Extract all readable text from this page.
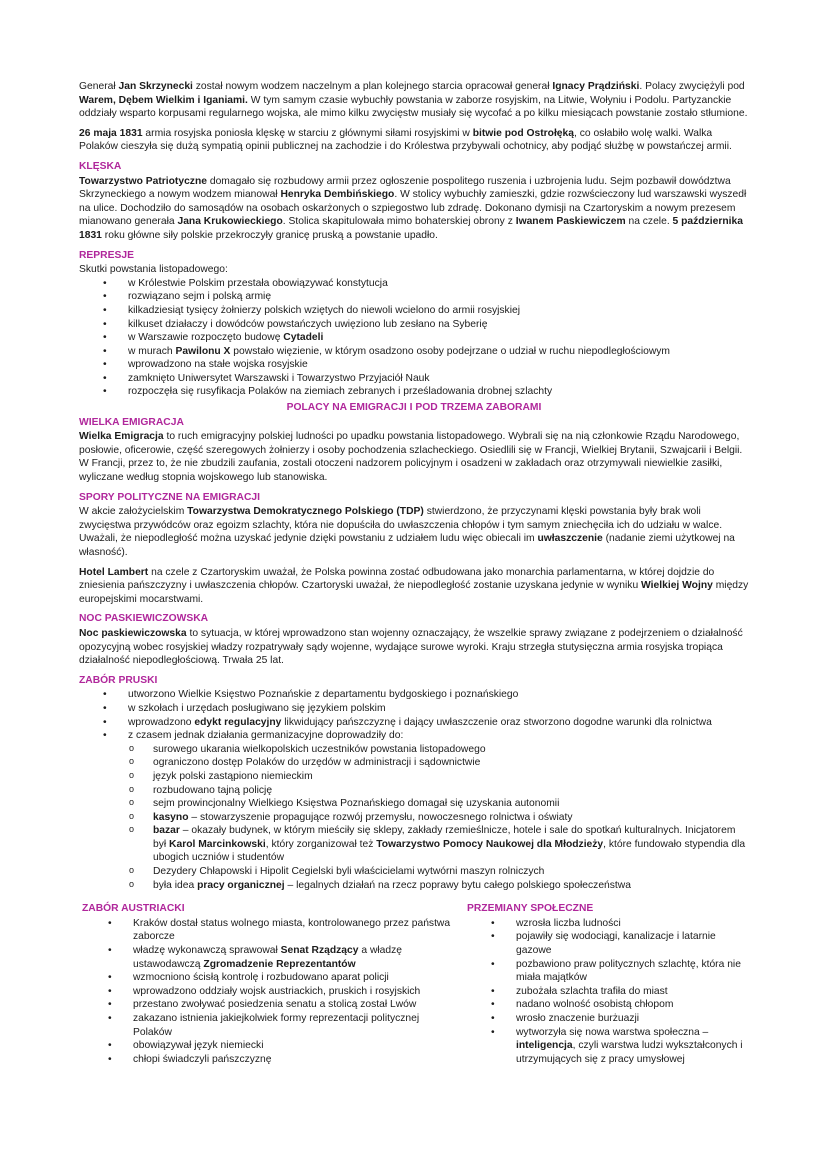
Generał Jan Skrzynecki został nowym wodzem naczelnym a plan kolejnego starcia opracował generał Ignacy Prądziński. Polacy zwyciężyli pod Warem, Dębem Wielkim i Iganiami. W tym samym czasie wybuchły powstania w zaborze rosyjskim, na Litwie, Wołyniu i Podolu. Partyzanckie oddziały wsparto korpusami regularnego wojska, ale mimo kilku zwycięstw musiały się wycofać a po kilku miesiącach powstanie zostało stłumione.

26 maja 1831 armia rosyjska poniosła klęskę w starciu z głównymi siłami rosyjskimi w bitwie pod Ostrołęką, co osłabiło wolę walki. Walka Polaków cieszyła się dużą sympatią opinii publicznej na zachodzie i do Królestwa przybywali ochotnicy, aby podjąć służbę w powstańczej armii.

KLĘSKA

Towarzystwo Patriotyczne domagało się rozbudowy armii przez ogłoszenie pospolitego ruszenia i uzbrojenia ludu. Sejm pozbawił dowództwa Skrzyneckiego a nowym wodzem mianował Henryka Dembińskiego. W stolicy wybuchły zamieszki, gdzie rozwścieczony lud warszawski wyszedł na ulice. Dochodziło do samosądów na osobach oskarżonych o szpiegostwo lub zdradę. Dokonano dymisji na Czartoryskim a nowym prezesem mianowano generała Jana Krukowieckiego. Stolica skapitulowała mimo bohaterskiej obrony z Iwanem Paskiewiczem na czele. 5 października 1831 roku główne siły polskie przekroczyły granicę pruską a powstanie upadło.

REPRESJE
Skutki powstania listopadowego:
• w Królestwie Polskim przestała obowiązywać konstytucja
• rozwiązano sejm i polską armię
• kilkadziesiąt tysięcy żołnierzy polskich wziętych do niewoli wcielono do armii rosyjskiej
• kilkuset działaczy i dowódców powstańczych uwięziono lub zesłano na Syberię
• w Warszawie rozpoczęto budowę Cytadeli
• w murach Pawilonu X powstało więzienie, w którym osadzono osoby podejrzane o udział w ruchu niepodległościowym
• wprowadzono na stałe wojska rosyjskie
• zamknięto Uniwersytet Warszawski i Towarzystwo Przyjaciół Nauk
• rozpoczęła się rusyfikacja Polaków na ziemiach zebranych i prześladowania drobnej szlachty
POLACY NA EMIGRACJI I POD TRZEMA ZABORAMI
WIELKA EMIGRACJA

Wielka Emigracja to ruch emigracyjny polskiej ludności po upadku powstania listopadowego. Wybrali się na nią członkowie Rządu Narodowego, posłowie, oficerowie, część szeregowych żołnierzy i osoby pochodzenia szlacheckiego. Osiedlili się w Francji, Wielkiej Brytanii, Szwajcarii i Belgii. W Francji, przez to, że nie zbudzili zaufania, zostali otoczeni nadzorem policyjnym i osadzeni w zakładach oraz otrzymywali niewielkie zasiłki, wyliczane według stopnia wojskowego lub stanowiska.

SPORY POLITYCZNE NA EMIGRACJI

W akcie założycielskim Towarzystwa Demokratycznego Polskiego (TDP) stwierdzono, że przyczynami klęski powstania były brak woli zwycięstwa przywódców oraz egoizm szlachty, która nie dopuściła do uwłaszczenia chłopów i tym samym zniechęciła ich do udziału w walce. Uważali, że niepodległość można uzyskać jedynie dzięki powstaniu z udziałem ludu więc obiecali im uwłaszczenie (nadanie ziemi użytkowej na własność).

Hotel Lambert na czele z Czartoryskim uważał, że Polska powinna zostać odbudowana jako monarchia parlamentarna, w której dojdzie do zniesienia pańszczyzny i uwłaszczenia chłopów. Czartoryski uważał, że niepodległość zostanie uzyskana jedynie w wyniku Wielkiej Wojny między europejskimi mocarstwami.

NOC PASKIEWICZOWSKA

Noc paskiewiczowska to sytuacja, w której wprowadzono stan wojenny oznaczający, że wszelkie sprawy związane z podejrzeniem o działalność opozycyjną wobec rosyjskiej władzy rozpatrywały sądy wojenne, wydające surowe wyroki. Kraju strzegła stutysięczna armia rosyjska tropiąca działalność niepodległościową. Trwała 25 lat.

ZABÓR PRUSKI
• utworzono Wielkie Księstwo Poznańskie z departamentu bydgoskiego i poznańskiego
• w szkołach i urzędach posługiwano się językiem polskim
• wprowadzono edykt regulacyjny likwidujący pańszczyznę i dający uwłaszczenie oraz stworzono dogodne warunki dla rolnictwa
• z czasem jednak działania germanizacyjne doprowadziły do:
o surowego ukarania wielkopolskich uczestników powstania listopadowego
o ograniczono dostęp Polaków do urzędów w administracji i sądownictwie
o język polski zastąpiono niemieckim
o rozbudowano tajną policję
o sejm prowincjonalny Wielkiego Księstwa Poznańskiego domagał się uzyskania autonomii
o kasyno – stowarzyszenie propagujące rozwój przemysłu, nowoczesnego rolnictwa i oświaty
o bazar – okazały budynek, w którym mieściły się sklepy, zakłady rzemieślnicze, hotele i sale do spotkań kulturalnych. Inicjatorem był Karol Marcinkowski, który zorganizował też Towarzystwo Pomocy Naukowej dla Młodzieży, które fundowało stypendia dla ubogich uczniów i studentów
o Dezydery Chłapowski i Hipolit Cegielski byli właścicielami wytwórni maszyn rolniczych
o była idea pracy organicznej – legalnych działań na rzecz poprawy bytu całego polskiego społeczeństwa
ZABÓR AUSTRIACKI
• Kraków dostał status wolnego miasta, kontrolowanego przez państwa zaborcze
• władzę wykonawczą sprawował Senat Rządzący a władzę ustawodawczą Zgromadzenie Reprezentantów
• wzmocniono ścisłą kontrolę i rozbudowano aparat policji
• wprowadzono oddziały wojsk austriackich, pruskich i rosyjskich
• przestano zwoływać posiedzenia senatu a stolicą został Lwów
• zakazano istnienia jakiejkolwiek formy reprezentacji politycznej Polaków
• obowiązywał język niemiecki
• chłopi świadczyli pańszczyznę
PRZEMIANY SPOŁECZNE
• wzrosła liczba ludności
• pojawiły się wodociągi, kanalizacje i latarnie gazowe
• pozbawiono praw politycznych szlachtę, która nie miała majątków
• zubożała szlachta trafiła do miast
• nadano wolność osobistą chłopom
• wrosło znaczenie burżuazji
• wytworzyła się nowa warstwa społeczna – inteligencja, czyli warstwa ludzi wykształconych i utrzymujących się z pracy umysłowej
